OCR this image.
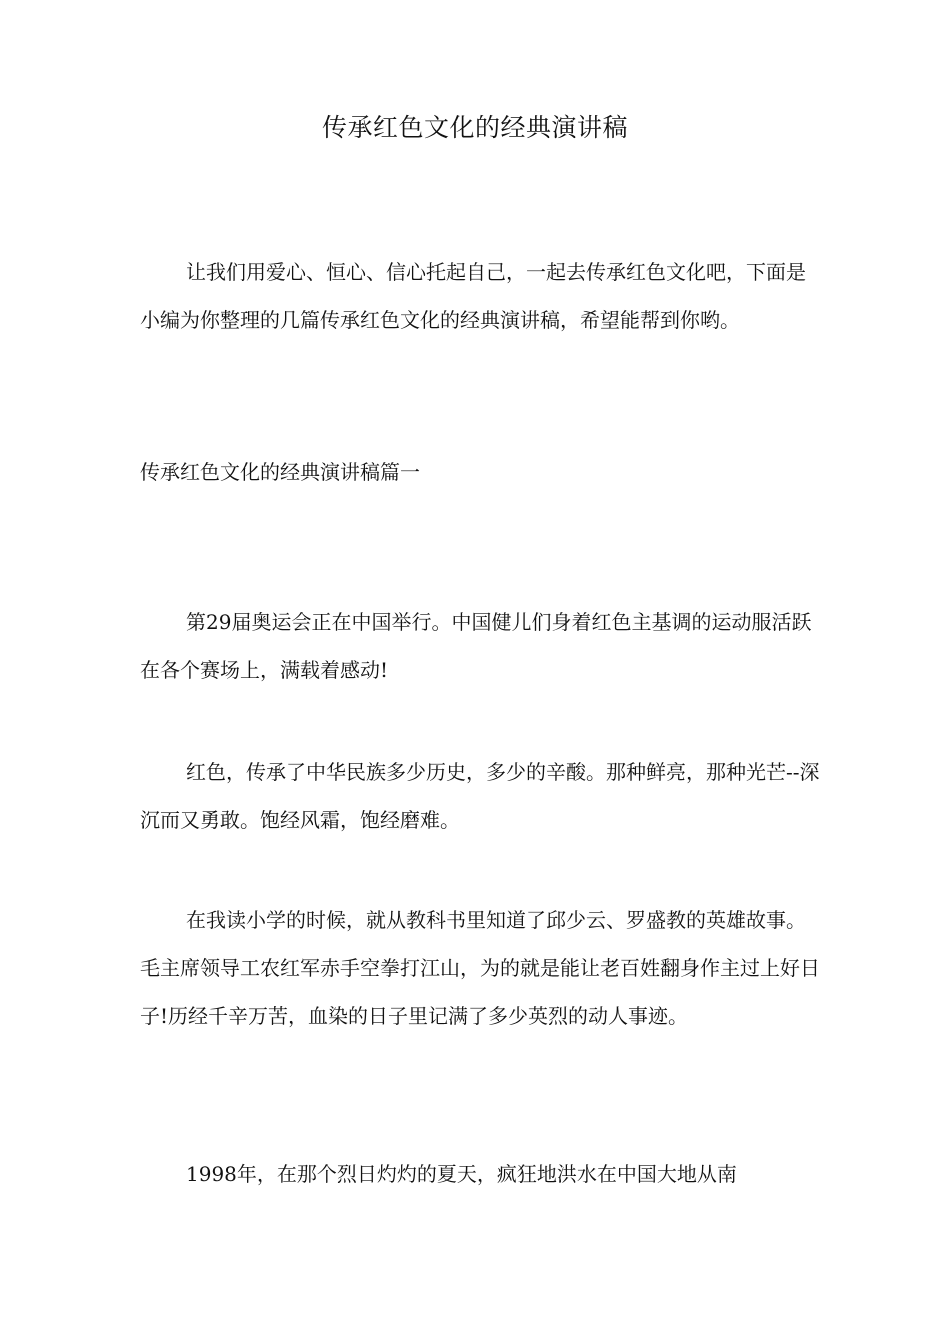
传承红色文化的经典演讲稿

让我们用爱心、恒心、信心托起自己，一起去传承红色文化吧，下面是小编为你整理的几篇传承红色文化的经典演讲稿，希望能帮到你哟。

传承红色文化的经典演讲稿篇一

第29届奥运会正在中国举行。中国健儿们身着红色主基调的运动服活跃在各个赛场上，满载着感动!

红色，传承了中华民族多少历史，多少的辛酸。那种鲜亮，那种光芒--深沉而又勇敢。饱经风霜，饱经磨难。

在我读小学的时候，就从教科书里知道了邱少云、罗盛教的英雄故事。毛主席领导工农红军赤手空拳打江山，为的就是能让老百姓翻身作主过上好日子!历经千辛万苦，血染的日子里记满了多少英烈的动人事迹。

1998年，在那个烈日灼灼的夏天，疯狂地洪水在中国大地从南
